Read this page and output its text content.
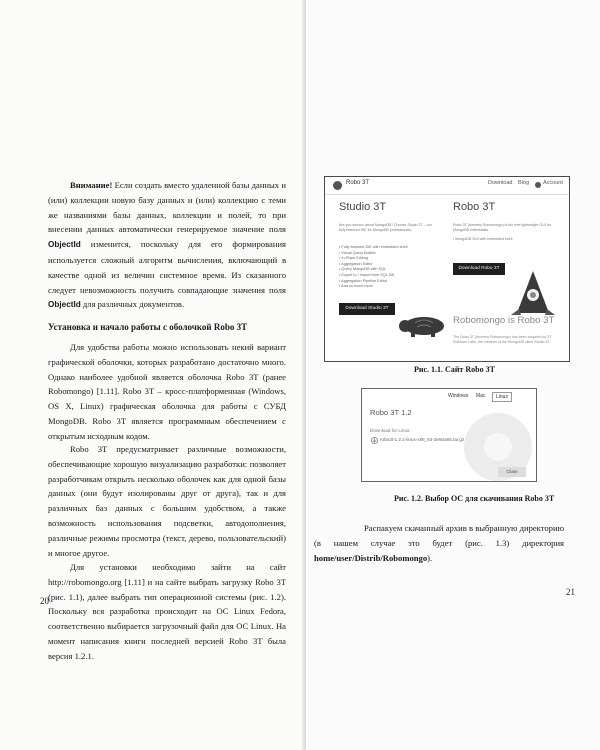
Внимание! Если создать вместо удаленной базы данных и (или) коллекции новую базу данных и (или) коллекцию с теми же названиями базы данных, коллекции и полей, то при внесении данных автоматически генерируемое значение поля ObjectId изменится, поскольку для его формирования используется сложный алгоритм вычисления, включающий в качестве одной из величин системное время. Из сказанного следует невозможность получить совпадающие значения поля ObjectId для различных документов.

Установка и начало работы с оболочкой Robo 3T

Для удобства работы можно использовать некий вариант графической оболочки, которых разработано достаточно много. Однако наиболее удобной является оболочка Robo 3T (ранее Robomongo) [1.11]. Robo 3T – кросс-платформенная (Windows, OS X, Linux) графическая оболочка для работы с СУБД MongoDB. Robo 3T является программным обеспечением с открытым исходным кодом.

Robo 3T предусматривает различные возможности, обеспечивающие хорошую визуализацию разработки: позволяет разработчикам открыть несколько оболочек как для одной базы данных (они будут изолированы друг от друга), так и для различных баз данных с большим удобством, а также возможность использования подсветки, автодополнения, различные режимы просмотра (текст, дерево, пользовательский) и многое другое.

Для установки необходимо зайти на сайт http://robomongo.org [1.11] и на сайте выбрать загрузку Robo 3T (рис. 1.1), далее выбрать тип операционной системы (рис. 1.2). Поскольку вся разработка происходит на ОС Linux Fedora, соответственно выбирается загрузочный файл для ОС Linux. На момент написания книги последней версией Robo 3T была версия 1.2.1.

20
Robo 3T	Download Blog	Account
Studio 3T
Are you serious about MongoDB? Choose Studio 3T – our fully featured IDE for MongoDB professionals.
• Fully featured IDE with embedded shell
• Visual Query Builder
• In-Place Editing
• Aggregation Editor
• Query MongoDB with SQL
• Export to / Import from SQL DB
• Aggregation Pipeline Editor
• And so much more
Download Studio 3T
Robo 3T
Robo 3T (formerly Robomongo) is the free lightweight GUI for MongoDB enthusiasts.
• MongoDB GUI with embedded shell
Download Robo 3T
Robomongo is Robo 3T
The Robo 3T (formerly Robomongo) has been acquired by 3T Software Labs, the creators of the MongoDB client Studio 3T.
Рис. 1.1. Сайт Robo 3T
Windows Mac	Linux
Robo 3T 1.2
Download for Linux:
robo3t-1.2.1-linux-x86_64-3e50a65.tar.gz
Close
Рис. 1.2. Выбор ОС для скачивания Robo 3T

Распакуем скачанный архив в выбранную директорию (в нашем случае это будет (рис. 1.3) директория home/user/Distrib/Robomongo).

21
